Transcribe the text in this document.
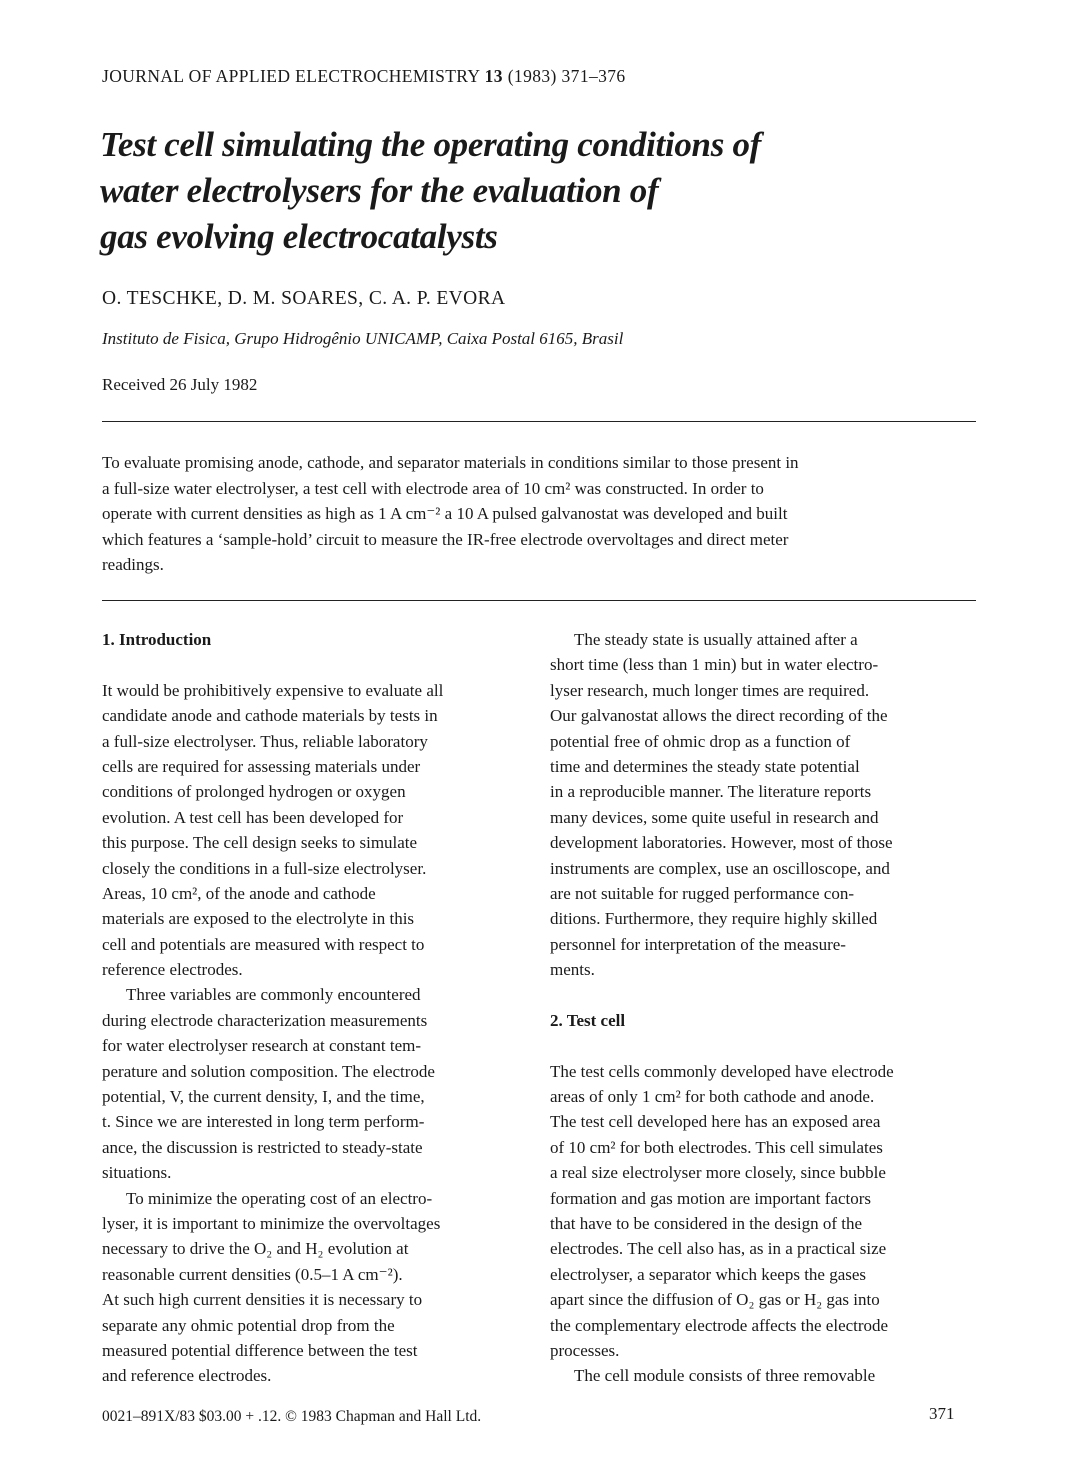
JOURNAL OF APPLIED ELECTROCHEMISTRY 13 (1983) 371–376
Test cell simulating the operating conditions of
water electrolysers for the evaluation of
gas evolving electrocatalysts
O. TESCHKE, D. M. SOARES, C. A. P. EVORA
Instituto de Fisica, Grupo Hidrogênio UNICAMP, Caixa Postal 6165, Brasil
Received 26 July 1982
To evaluate promising anode, cathode, and separator materials in conditions similar to those present in
a full-size water electrolyser, a test cell with electrode area of 10 cm² was constructed. In order to
operate with current densities as high as 1 A cm⁻² a 10 A pulsed galvanostat was developed and built
which features a ‘sample-hold’ circuit to measure the IR-free electrode overvoltages and direct meter
readings.
1. Introduction
It would be prohibitively expensive to evaluate all
candidate anode and cathode materials by tests in
a full-size electrolyser. Thus, reliable laboratory
cells are required for assessing materials under
conditions of prolonged hydrogen or oxygen
evolution. A test cell has been developed for
this purpose. The cell design seeks to simulate
closely the conditions in a full-size electrolyser.
Areas, 10 cm², of the anode and cathode
materials are exposed to the electrolyte in this
cell and potentials are measured with respect to
reference electrodes.
Three variables are commonly encountered
during electrode characterization measurements
for water electrolyser research at constant tem-
perature and solution composition. The electrode
potential, V, the current density, I, and the time,
t. Since we are interested in long term perform-
ance, the discussion is restricted to steady-state
situations.
To minimize the operating cost of an electro-
lyser, it is important to minimize the overvoltages
necessary to drive the O₂ and H₂ evolution at
reasonable current densities (0.5–1 A cm⁻²).
At such high current densities it is necessary to
separate any ohmic potential drop from the
measured potential difference between the test
and reference electrodes.
The steady state is usually attained after a
short time (less than 1 min) but in water electro-
lyser research, much longer times are required.
Our galvanostat allows the direct recording of the
potential free of ohmic drop as a function of
time and determines the steady state potential
in a reproducible manner. The literature reports
many devices, some quite useful in research and
development laboratories. However, most of those
instruments are complex, use an oscilloscope, and
are not suitable for rugged performance con-
ditions. Furthermore, they require highly skilled
personnel for interpretation of the measure-
ments.
2. Test cell
The test cells commonly developed have electrode
areas of only 1 cm² for both cathode and anode.
The test cell developed here has an exposed area
of 10 cm² for both electrodes. This cell simulates
a real size electrolyser more closely, since bubble
formation and gas motion are important factors
that have to be considered in the design of the
electrodes. The cell also has, as in a practical size
electrolyser, a separator which keeps the gases
apart since the diffusion of O₂ gas or H₂ gas into
the complementary electrode affects the electrode
processes.
The cell module consists of three removable
0021–891X/83 $03.00 + .12. © 1983 Chapman and Hall Ltd.	371
